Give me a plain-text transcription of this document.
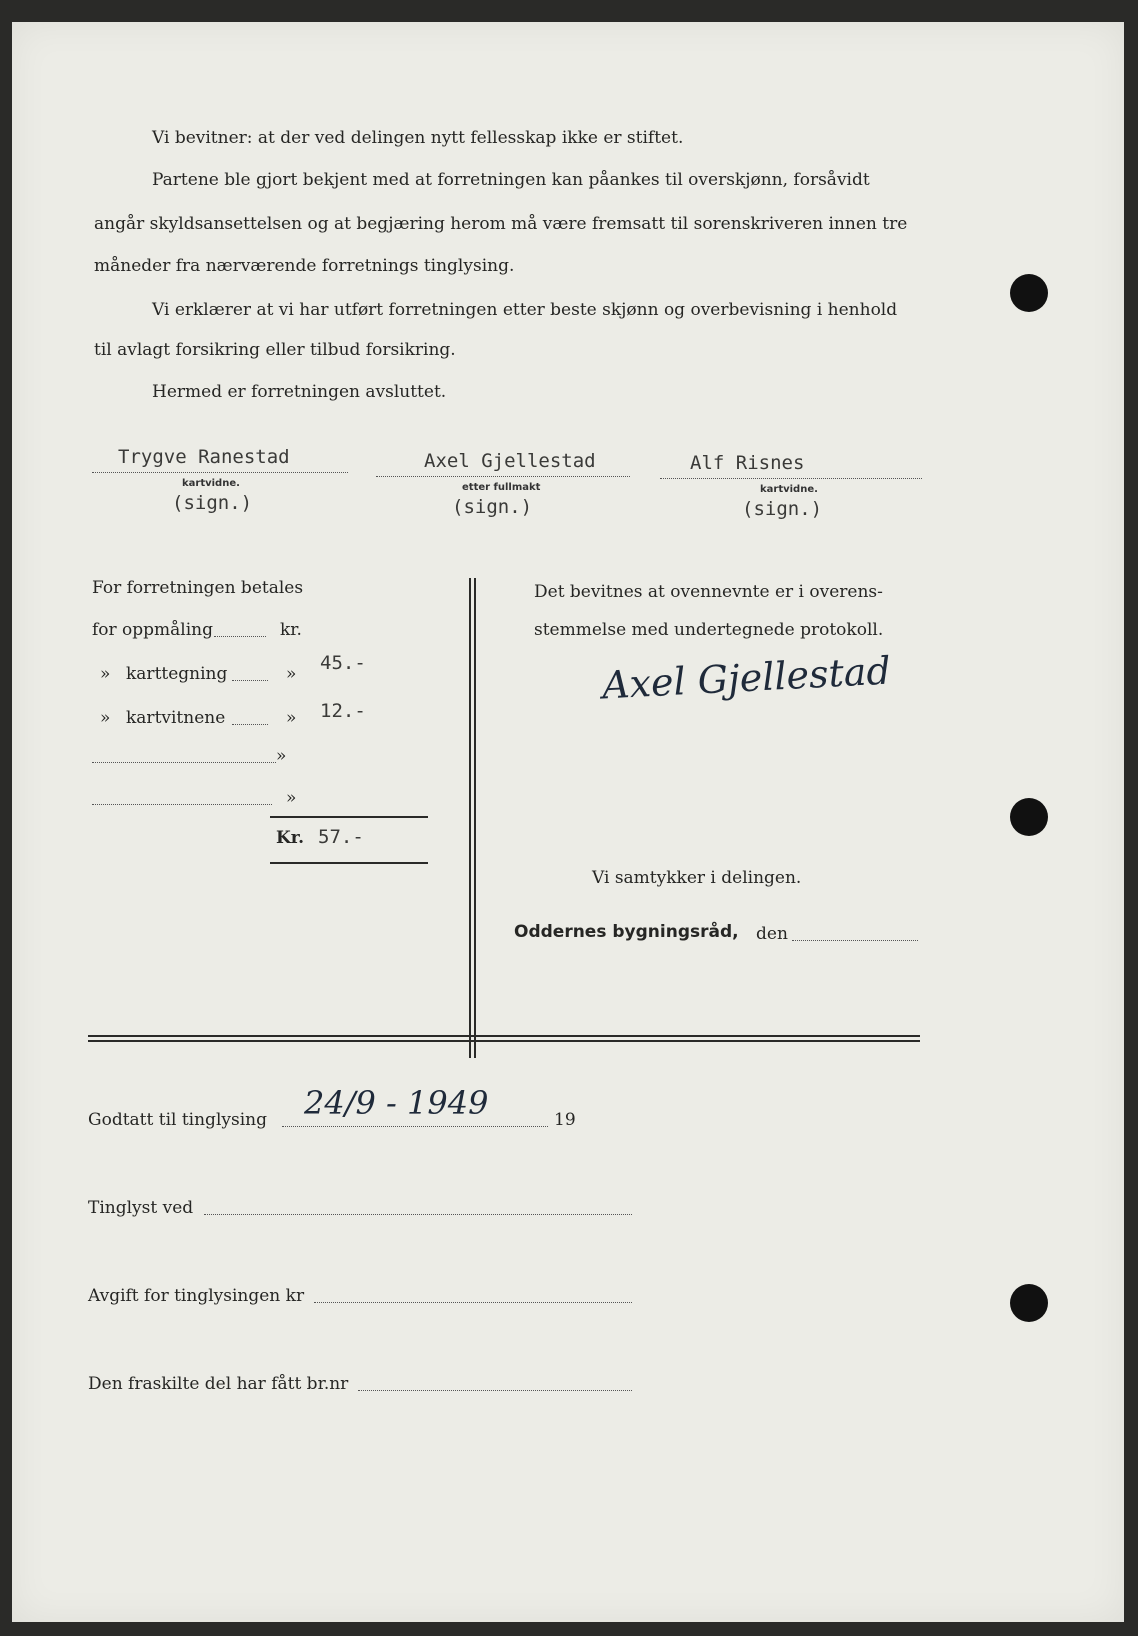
Vi bevitner: at der ved delingen nytt fellesskap ikke er stiftet.
Partene ble gjort bekjent med at forretningen kan påankes til overskjønn, forsåvidt
angår skyldsansettelsen og at begjæring herom må være fremsatt til sorenskriveren innen tre
måneder fra nærværende forretnings tinglysing.
Vi erklærer at vi har utført forretningen etter beste skjønn og overbevisning i henhold
til avlagt forsikring eller tilbud forsikring.
Hermed er forretningen avsluttet.
Trygve Ranestad
kartvidne.
(sign.)
Axel Gjellestad
etter fullmakt
(sign.)
Alf Risnes
kartvidne.
(sign.)
For forretningen betales
for oppmåling	kr.
» karttegning	» 45.-
» kartvitnene	» 12.-
»
»
Kr. 57.-
Det bevitnes at ovennevnte er i overens-
stemmelse med undertegnede protokoll.
Axel Gjellestad
Vi samtykker i delingen.
Oddernes bygningsråd, den
Godtatt til tinglysing 24/9 - 1949	19
Tinglyst ved
Avgift for tinglysingen kr
Den fraskilte del har fått br.nr
